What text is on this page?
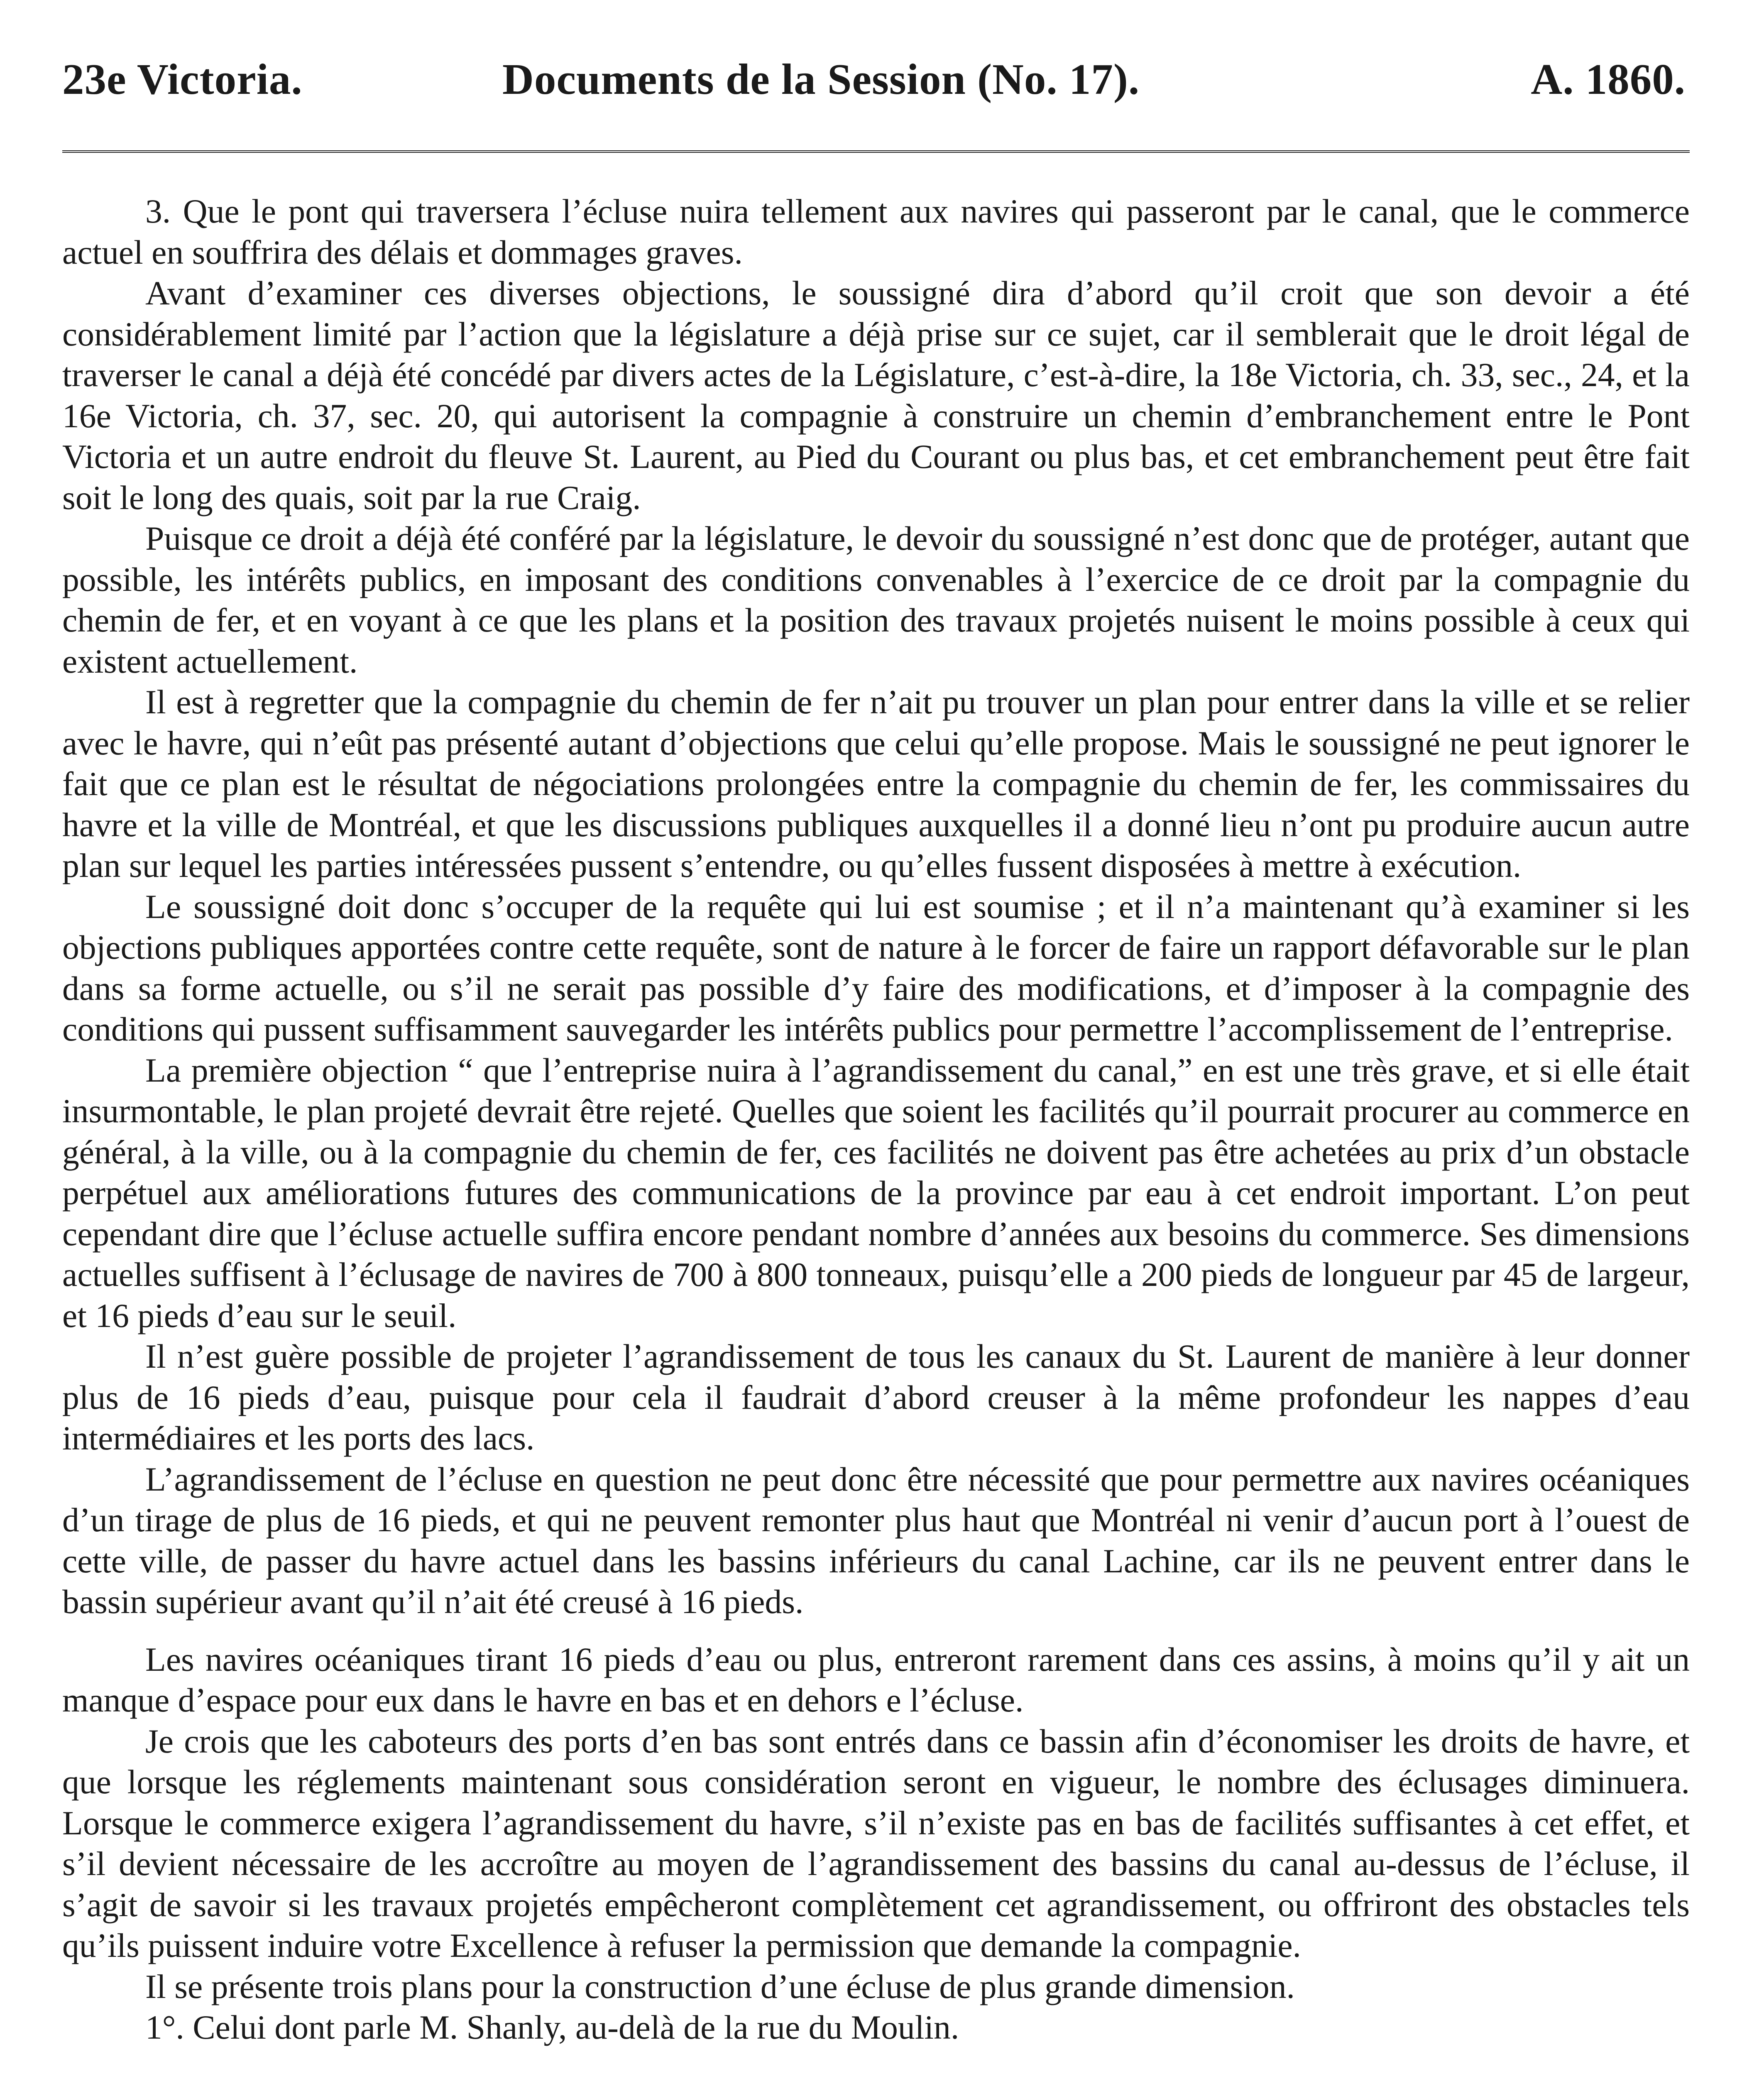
23e Victoria.	Documents de la Session (No. 17).	A. 1860.

3. Que le pont qui traversera l’écluse nuira tellement aux navires qui passeront par le canal, que le commerce actuel en souffrira des délais et dommages graves.

Avant d’examiner ces diverses objections, le soussigné dira d’abord qu’il croit que son devoir a été considérablement limité par l’action que la législature a déjà prise sur ce sujet, car il semblerait que le droit légal de traverser le canal a déjà été concédé par divers actes de la Législature, c’est-à-dire, la 18e Victoria, ch. 33, sec., 24, et la 16e Victoria, ch. 37, sec. 20, qui autorisent la compagnie à construire un chemin d’embranchement entre le Pont Victoria et un autre endroit du fleuve St. Laurent, au Pied du Courant ou plus bas, et cet embranchement peut être fait soit le long des quais, soit par la rue Craig.

Puisque ce droit a déjà été conféré par la législature, le devoir du soussigné n’est donc que de protéger, autant que possible, les intérêts publics, en imposant des conditions convenables à l’exercice de ce droit par la compagnie du chemin de fer, et en voyant à ce que les plans et la position des travaux projetés nuisent le moins possible à ceux qui existent actuellement.

Il est à regretter que la compagnie du chemin de fer n’ait pu trouver un plan pour entrer dans la ville et se relier avec le havre, qui n’eût pas présenté autant d’objections que celui qu’elle propose. Mais le soussigné ne peut ignorer le fait que ce plan est le résultat de négociations prolongées entre la compagnie du chemin de fer, les commissaires du havre et la ville de Montréal, et que les discussions publiques auxquelles il a donné lieu n’ont pu produire aucun autre plan sur lequel les parties intéressées pussent s’entendre, ou qu’elles fussent disposées à mettre à exécution.

Le soussigné doit donc s’occuper de la requête qui lui est soumise ; et il n’a maintenant qu’à examiner si les objections publiques apportées contre cette requête, sont de nature à le forcer de faire un rapport défavorable sur le plan dans sa forme actuelle, ou s’il ne serait pas possible d’y faire des modifications, et d’imposer à la compagnie des conditions qui pussent suffisamment sauvegarder les intérêts publics pour permettre l’accomplissement de l’entreprise.

La première objection “ que l’entreprise nuira à l’agrandissement du canal,” en est une très grave, et si elle était insurmontable, le plan projeté devrait être rejeté. Quelles que soient les facilités qu’il pourrait procurer au commerce en général, à la ville, ou à la compagnie du chemin de fer, ces facilités ne doivent pas être achetées au prix d’un obstacle perpétuel aux améliorations futures des communications de la province par eau à cet endroit important. L’on peut cependant dire que l’écluse actuelle suffira encore pendant nombre d’années aux besoins du commerce. Ses dimensions actuelles suffisent à l’éclusage de navires de 700 à 800 tonneaux, puisqu’elle a 200 pieds de longueur par 45 de largeur, et 16 pieds d’eau sur le seuil.

Il n’est guère possible de projeter l’agrandissement de tous les canaux du St. Laurent de manière à leur donner plus de 16 pieds d’eau, puisque pour cela il faudrait d’abord creuser à la même profondeur les nappes d’eau intermédiaires et les ports des lacs.

L’agrandissement de l’écluse en question ne peut donc être nécessité que pour permettre aux navires océaniques d’un tirage de plus de 16 pieds, et qui ne peuvent remonter plus haut que Montréal ni venir d’aucun port à l’ouest de cette ville, de passer du havre actuel dans les bassins inférieurs du canal Lachine, car ils ne peuvent entrer dans le bassin supérieur avant qu’il n’ait été creusé à 16 pieds.

Les navires océaniques tirant 16 pieds d’eau ou plus, entreront rarement dans ces assins, à moins qu’il y ait un manque d’espace pour eux dans le havre en bas et en dehors e l’écluse.

Je crois que les caboteurs des ports d’en bas sont entrés dans ce bassin afin d’économiser les droits de havre, et que lorsque les réglements maintenant sous considération seront en vigueur, le nombre des éclusages diminuera. Lorsque le commerce exigera l’agrandissement du havre, s’il n’existe pas en bas de facilités suffisantes à cet effet, et s’il devient nécessaire de les accroître au moyen de l’agrandissement des bassins du canal au-dessus de l’écluse, il s’agit de savoir si les travaux projetés empêcheront complètement cet agrandissement, ou offriront des obstacles tels qu’ils puissent induire votre Excellence à refuser la permission que demande la compagnie.

Il se présente trois plans pour la construction d’une écluse de plus grande dimension.

1°. Celui dont parle M. Shanly, au-delà de la rue du Moulin.
